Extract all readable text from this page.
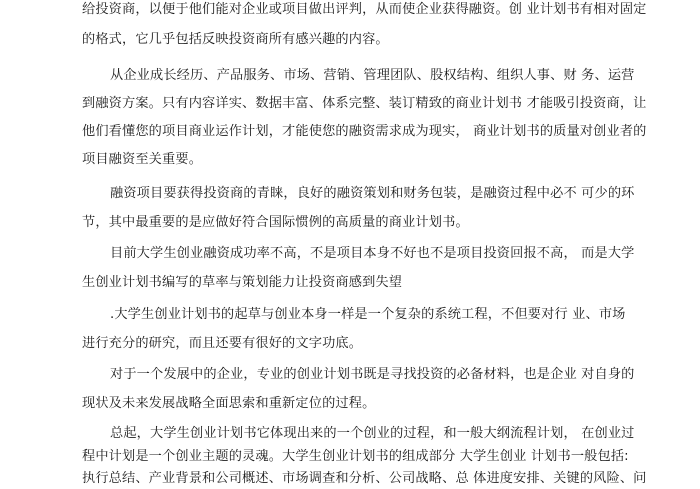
给投资商，以便于他们能对企业或项目做出评判，从而使企业获得融资。创 业计划书有相对固定
的格式，它几乎包括反映投资商所有感兴趣的内容。
从企业成长经历、产品服务、市场、营销、管理团队、股权结构、组织人事、财 务、运营
到融资方案。只有内容详实、数据丰富、体系完整、装订精致的商业计划书 才能吸引投资商，让
他们看懂您的项目商业运作计划，才能使您的融资需求成为现实， 商业计划书的质量对创业者的
项目融资至关重要。
融资项目要获得投资商的青睐，良好的融资策划和财务包装，是融资过程中必不 可少的环
节，其中最重要的是应做好符合国际惯例的高质量的商业计划书。
目前大学生创业融资成功率不高，不是项目本身不好也不是项目投资回报不高， 而是大学
生创业计划书编写的草率与策划能力让投资商感到失望
.大学生创业计划书的起草与创业本身一样是一个复杂的系统工程，不但要对行 业、市场
进行充分的研究，而且还要有很好的文字功底。
对于一个发展中的企业，专业的创业计划书既是寻找投资的必备材料，也是企业 对自身的
现状及未来发展战略全面思索和重新定位的过程。
总起，大学生创业计划书它体现出来的一个创业的过程，和一般大纲流程计划， 在创业过
程中计划是一个创业主题的灵魂。大学生创业计划书的组成部分 大学生创业 计划书一般包括:
执行总结、产业背景和公司概述、市场调查和分析、公司战略、总 体进度安排、关键的风险、问
